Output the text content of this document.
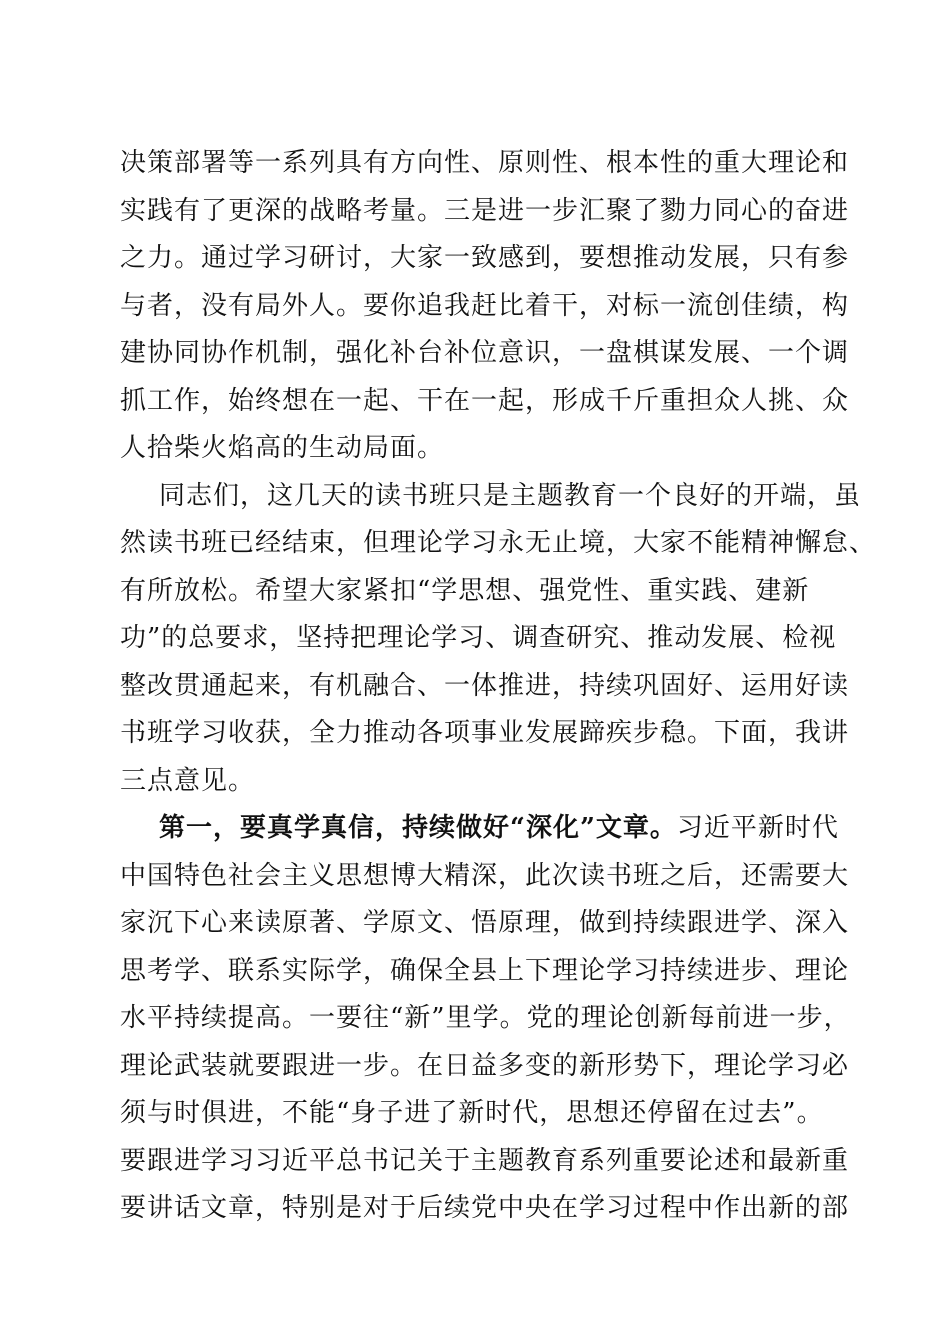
决策部署等一系列具有方向性、原则性、根本性的重大理论和
实践有了更深的战略考量。三是进一步汇聚了勠力同心的奋进
之力。通过学习研讨，大家一致感到，要想推动发展，只有参
与者，没有局外人。要你追我赶比着干，对标一流创佳绩，构
建协同协作机制，强化补台补位意识，一盘棋谋发展、一个调
抓工作，始终想在一起、干在一起，形成千斤重担众人挑、众
人拾柴火焰高的生动局面。
同志们，这几天的读书班只是主题教育一个良好的开端，虽
然读书班已经结束，但理论学习永无止境，大家不能精神懈怠、
有所放松。希望大家紧扣“学思想、强党性、重实践、建新
功”的总要求，坚持把理论学习、调查研究、推动发展、检视
整改贯通起来，有机融合、一体推进，持续巩固好、运用好读
书班学习收获，全力推动各项事业发展蹄疾步稳。下面，我讲
三点意见。
第一，要真学真信，持续做好“深化”文章。习近平新时代
中国特色社会主义思想博大精深，此次读书班之后，还需要大
家沉下心来读原著、学原文、悟原理，做到持续跟进学、深入
思考学、联系实际学，确保全县上下理论学习持续进步、理论
水平持续提高。一要往“新”里学。党的理论创新每前进一步，
理论武装就要跟进一步。在日益多变的新形势下，理论学习必
须与时俱进，不能“身子进了新时代，思想还停留在过去”。
要跟进学习习近平总书记关于主题教育系列重要论述和最新重
要讲话文章，特别是对于后续党中央在学习过程中作出新的部
